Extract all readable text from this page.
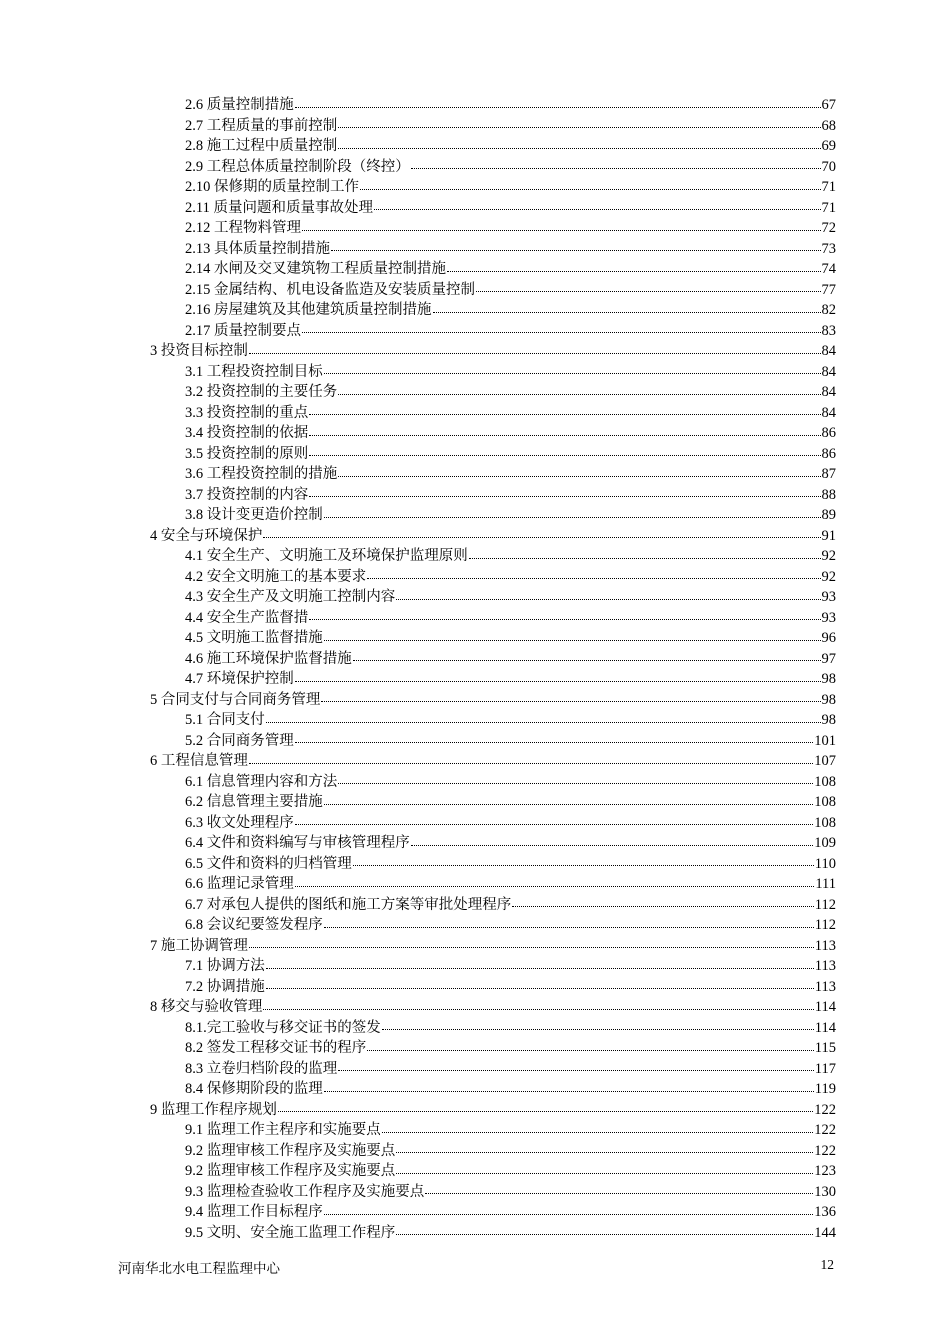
2.6 质量控制措施	67
2.7 工程质量的事前控制	68
2.8 施工过程中质量控制	69
2.9 工程总体质量控制阶段（终控）	70
2.10 保修期的质量控制工作	71
2.11 质量问题和质量事故处理	71
2.12 工程物料管理	72
2.13 具体质量控制措施	73
2.14 水闸及交叉建筑物工程质量控制措施	74
2.15 金属结构、机电设备监造及安装质量控制	77
2.16 房屋建筑及其他建筑质量控制措施	82
2.17 质量控制要点	83
3 投资目标控制	84
3.1 工程投资控制目标	84
3.2 投资控制的主要任务	84
3.3 投资控制的重点	84
3.4 投资控制的依据	86
3.5 投资控制的原则	86
3.6 工程投资控制的措施	87
3.7 投资控制的内容	88
3.8 设计变更造价控制	89
4 安全与环境保护	91
4.1 安全生产、文明施工及环境保护监理原则	92
4.2 安全文明施工的基本要求	92
4.3 安全生产及文明施工控制内容	93
4.4 安全生产监督措	93
4.5 文明施工监督措施	96
4.6 施工环境保护监督措施	97
4.7 环境保护控制	98
5 合同支付与合同商务管理	98
5.1 合同支付	98
5.2 合同商务管理	101
6 工程信息管理	107
6.1 信息管理内容和方法	108
6.2 信息管理主要措施	108
6.3 收文处理程序	108
6.4 文件和资料编写与审核管理程序	109
6.5 文件和资料的归档管理	110
6.6 监理记录管理	111
6.7 对承包人提供的图纸和施工方案等审批处理程序	112
6.8 会议纪要签发程序	112
7 施工协调管理	113
7.1 协调方法	113
7.2 协调措施	113
8 移交与验收管理	114
8.1.完工验收与移交证书的签发	114
8.2 签发工程移交证书的程序	115
8.3 立卷归档阶段的监理	117
8.4 保修期阶段的监理	119
9 监理工作程序规划	122
9.1 监理工作主程序和实施要点	122
9.2 监理审核工作程序及实施要点	122
9.2 监理审核工作程序及实施要点	123
9.3 监理检查验收工作程序及实施要点	130
9.4 监理工作目标程序	136
9.5 文明、安全施工监理工作程序	144
河南华北水电工程监理中心	12
